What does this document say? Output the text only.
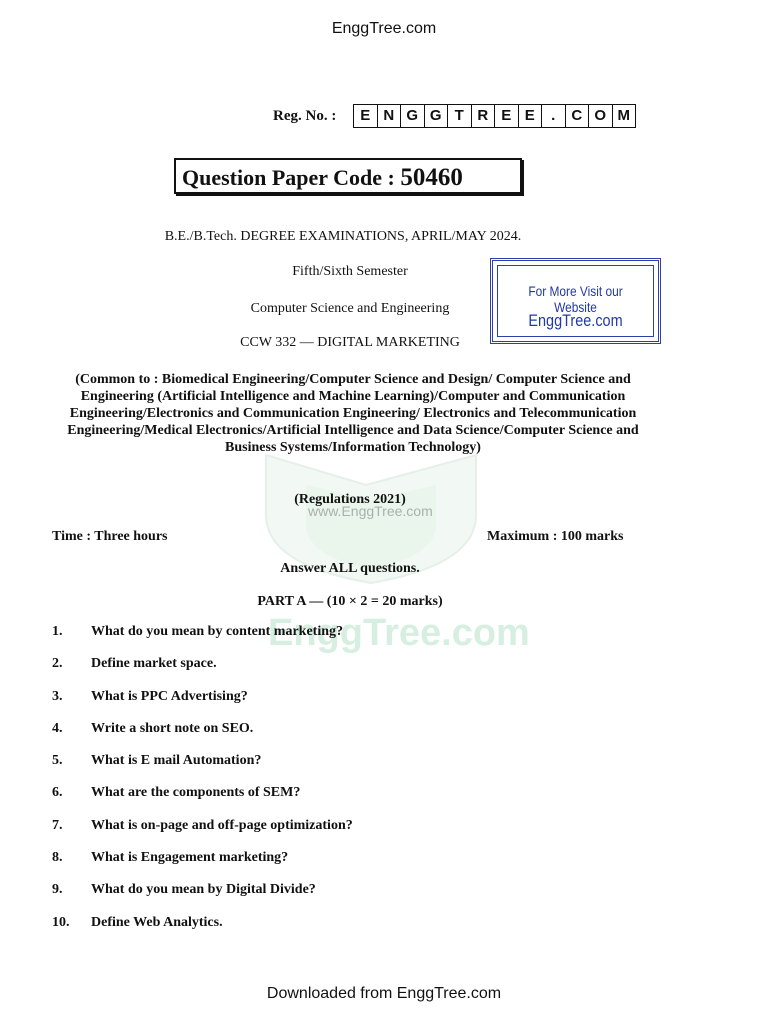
www.EnggTree.com
EnggTree.com
EnggTree.com
Reg. No. :	E N G G T R E E	.	C O M
Question Paper Code : 50460
B.E./B.Tech. DEGREE EXAMINATIONS, APRIL/MAY 2024.
Fifth/Sixth Semester
Computer Science and Engineering
CCW 332 — DIGITAL MARKETING
For More Visit our Website
EnggTree.com
(Common to : Biomedical Engineering/Computer Science and Design/ Computer Science and Engineering (Artificial Intelligence and Machine Learning)/Computer and Communication Engineering/Electronics and Communication Engineering/ Electronics and Telecommunication Engineering/Medical Electronics/Artificial Intelligence and Data Science/Computer Science and Business Systems/Information Technology)
(Regulations 2021)
Time : Three hours	Maximum : 100 marks
Answer ALL questions.
PART A — (10 × 2 = 20 marks)
1.	What do you mean by content marketing?
2.	Define market space.
3.	What is PPC Advertising?
4.	Write a short note on SEO.
5.	What is E mail Automation?
6.	What are the components of SEM?
7.	What is on-page and off-page optimization?
8.	What is Engagement marketing?
9.	What do you mean by Digital Divide?
10.	Define Web Analytics.
Downloaded from EnggTree.com
